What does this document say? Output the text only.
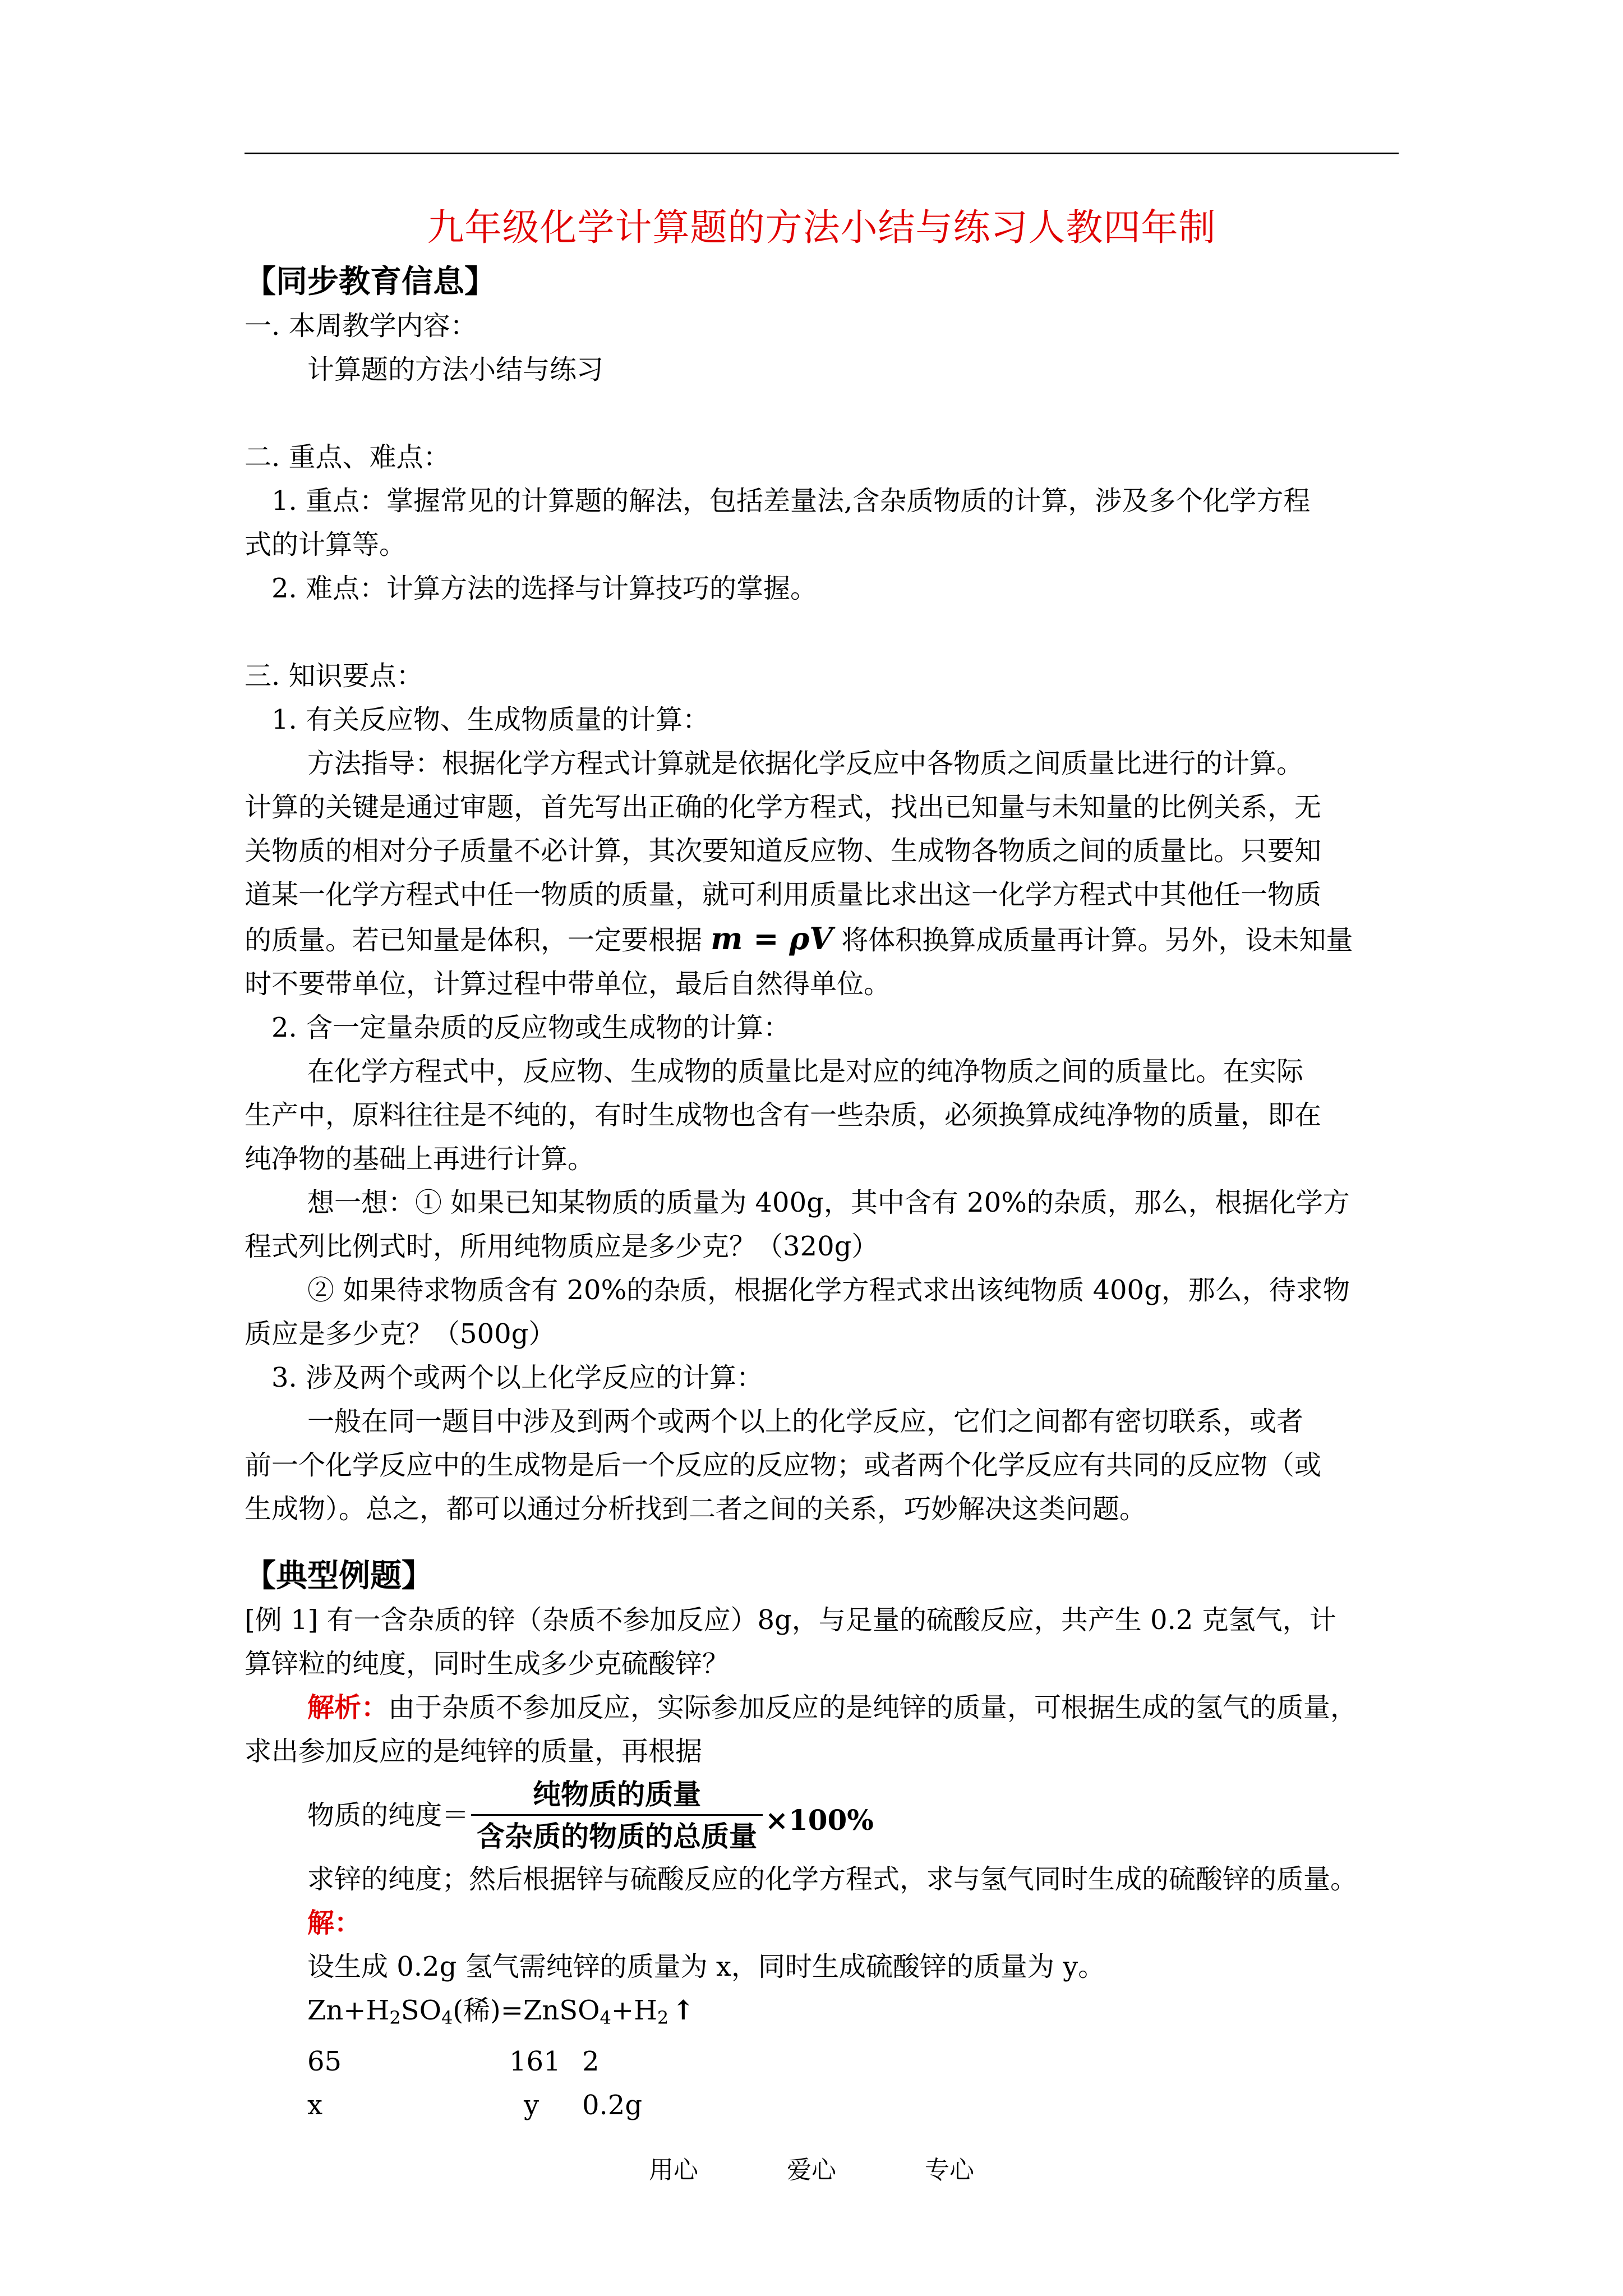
九年级化学计算题的方法小结与练习人教四年制
【同步教育信息】
一. 本周教学内容：
计算题的方法小结与练习
二. 重点、难点：
1. 重点：掌握常见的计算题的解法，包括差量法,含杂质物质的计算，涉及多个化学方程
式的计算等。
2. 难点：计算方法的选择与计算技巧的掌握。
三. 知识要点：
1. 有关反应物、生成物质量的计算：
方法指导：根据化学方程式计算就是依据化学反应中各物质之间质量比进行的计算。
计算的关键是通过审题，首先写出正确的化学方程式，找出已知量与未知量的比例关系，无
关物质的相对分子质量不必计算，其次要知道反应物、生成物各物质之间的质量比。只要知
道某一化学方程式中任一物质的质量，就可利用质量比求出这一化学方程式中其他任一物质
的质量。若已知量是体积，一定要根据 m = ρV 将体积换算成质量再计算。另外，设未知量
时不要带单位，计算过程中带单位，最后自然得单位。
2. 含一定量杂质的反应物或生成物的计算：
在化学方程式中，反应物、生成物的质量比是对应的纯净物质之间的质量比。在实际
生产中，原料往往是不纯的，有时生成物也含有一些杂质，必须换算成纯净物的质量，即在
纯净物的基础上再进行计算。
想一想：① 如果已知某物质的质量为 400g，其中含有 20%的杂质，那么，根据化学方
程式列比例式时，所用纯物质应是多少克？（320g）
② 如果待求物质含有 20%的杂质，根据化学方程式求出该纯物质 400g，那么，待求物
质应是多少克？（500g）
3. 涉及两个或两个以上化学反应的计算：
一般在同一题目中涉及到两个或两个以上的化学反应，它们之间都有密切联系，或者
前一个化学反应中的生成物是后一个反应的反应物；或者两个化学反应有共同的反应物（或
生成物）。总之，都可以通过分析找到二者之间的关系，巧妙解决这类问题。
【典型例题】
[例 1] 有一含杂质的锌（杂质不参加反应）8g，与足量的硫酸反应，共产生 0.2 克氢气，计
算锌粒的纯度，同时生成多少克硫酸锌？
解析：由于杂质不参加反应，实际参加反应的是纯锌的质量，可根据生成的氢气的质量，
求出参加反应的是纯锌的质量，再根据
物质的纯度＝ $\frac{\text{纯物质的质量}}{\text{含杂质的物质的总质量}} \times 100\%$
求锌的纯度；然后根据锌与硫酸反应的化学方程式，求与氢气同时生成的硫酸锌的质量。
解：
设生成 0.2g 氢气需纯锌的质量为 x，同时生成硫酸锌的质量为 y。
$Zn+H_2SO_4$(稀)$=ZnSO_4+H_2$ ↑
65	161 2
x	y	0.2g
用心	爱心	专心
